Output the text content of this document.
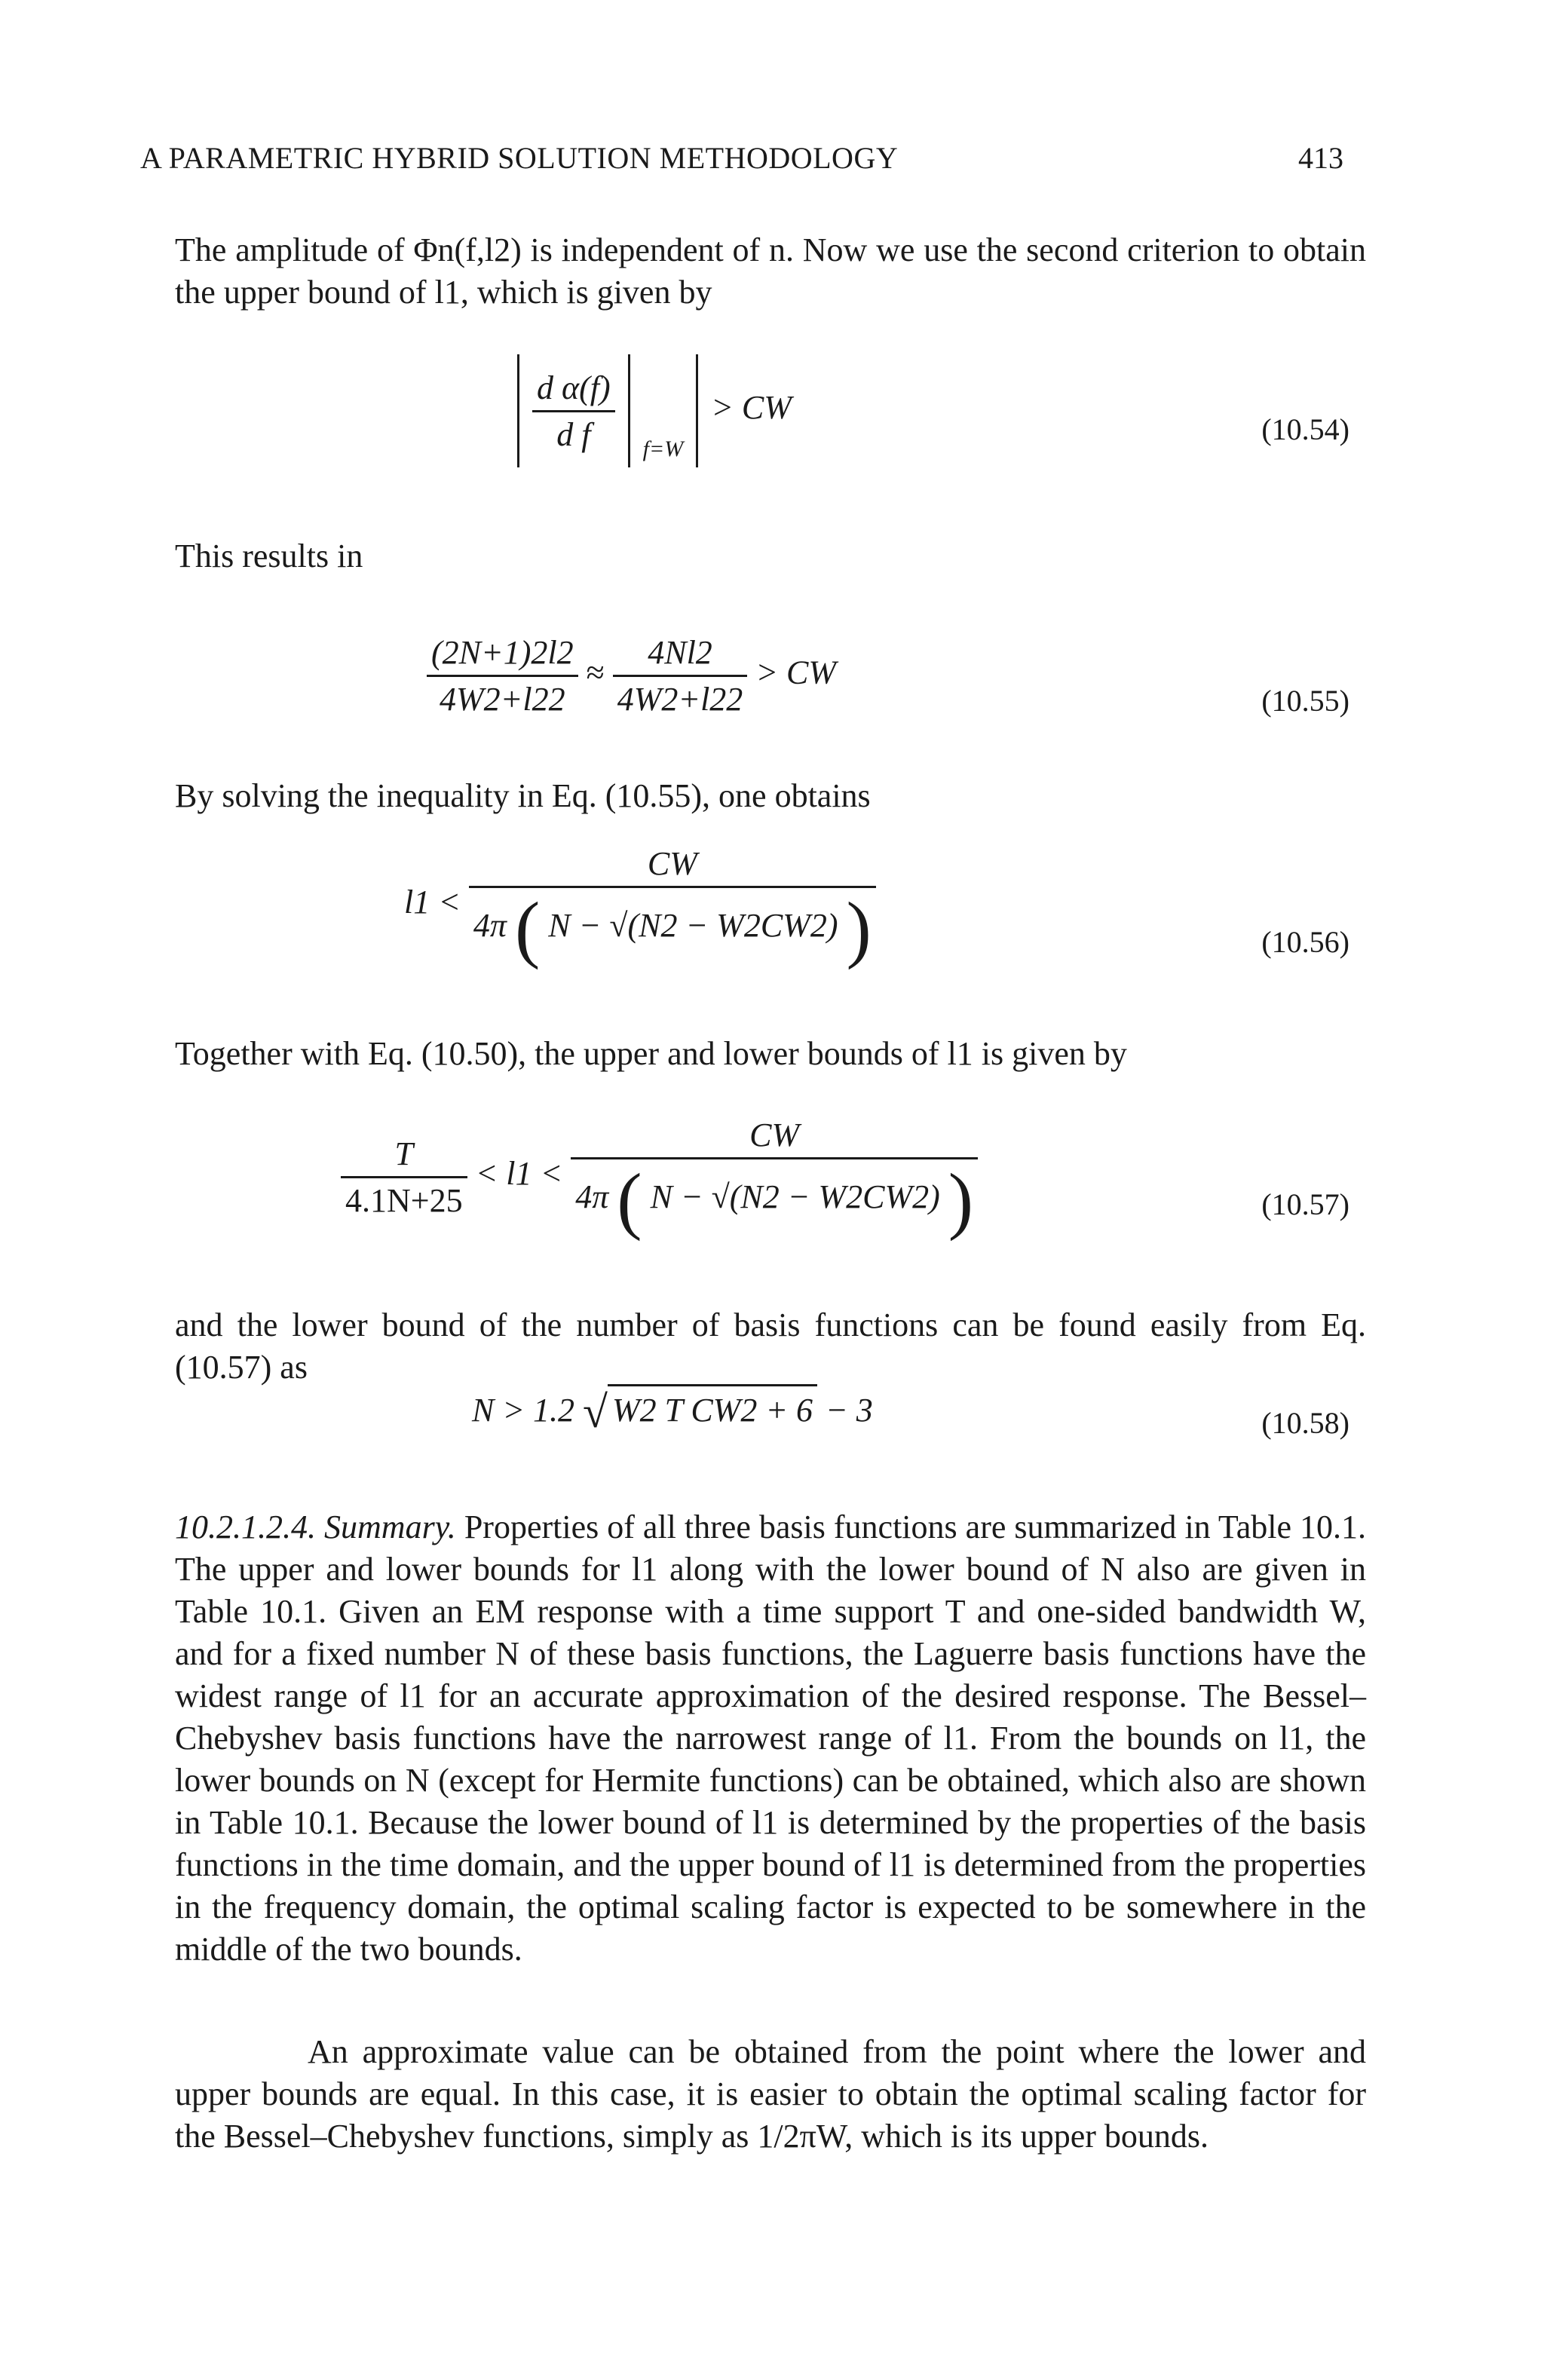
A PARAMETRIC HYBRID SOLUTION METHODOLOGY	413
The amplitude of Φn(f,l2) is independent of n. Now we use the second criterion to obtain the upper bound of l1, which is given by

$\frac{\text{d α(f)}}{\text{d f}} _{f=W}$  > CW
(10.54)
This results in
$\frac{(2N+1)2l2}{4W2+l22} \approx \frac{4Nl2}{4W2+l22}$ > CW
(10.55)
By solving the inequality in Eq. (10.55), one obtains
$l1 < \frac{CW}{4\pi ( N - √(N2 - W2CW2) )}$	(10.56)
Together with Eq. (10.50), the upper and lower bounds of l1 is given by
$\frac{T}{4.1N+25} < l1 < \frac{CW}{4\pi ( N - √(N2 - W2CW2) )}$	(10.57)
and the lower bound of the number of basis functions can be found easily from Eq. (10.57) as
N > 1.2 √ W2 T CW2 + 6 − 3	(10.58)
10.2.1.2.4. Summary. Properties of all three basis functions are summarized in Table 10.1. The upper and lower bounds for l1 along with the lower bound of N also are given in Table 10.1. Given an EM response with a time support T and one-sided bandwidth W, and for a fixed number N of these basis functions, the Laguerre basis functions have the widest range of l1 for an accurate approximation of the desired response. The Bessel–Chebyshev basis functions have the narrowest range of l1. From the bounds on l1, the lower bounds on N (except for Hermite functions) can be obtained, which also are shown in Table 10.1. Because the lower bound of l1 is determined by the properties of the basis functions in the time domain, and the upper bound of l1 is determined from the properties in the frequency domain, the optimal scaling factor is expected to be somewhere in the middle of the two bounds.
An approximate value can be obtained from the point where the lower and upper bounds are equal. In this case, it is easier to obtain the optimal scaling factor for the Bessel–Chebyshev functions, simply as 1/2πW, which is its upper bounds.
